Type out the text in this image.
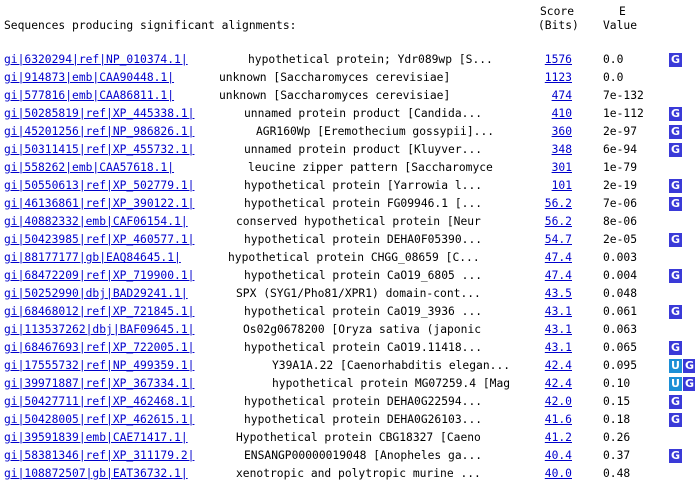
Sequences producing significant alignments:
Score
(Bits)
E
Value
gi|6320294|ref|NP_010374.1|	hypothetical protein; Ydr089wp [S...	1576	0.0	G
gi|914873|emb|CAA90448.1|	unknown [Saccharomyces cerevisiae]	1123	0.0
gi|577816|emb|CAA86811.1|	unknown [Saccharomyces cerevisiae]	474	7e-132
gi|50285819|ref|XP_445338.1|	unnamed protein product [Candida...	410	1e-112 G
gi|45201256|ref|NP_986826.1|	AGR160Wp [Eremothecium gossypii]...	360	2e-97	G
gi|50311415|ref|XP_455732.1|	unnamed protein product [Kluyver...	348	6e-94	G
gi|558262|emb|CAA57618.1|	leucine zipper pattern [Saccharomyce	301	1e-79
gi|50550613|ref|XP_502779.1|	hypothetical protein [Yarrowia l...	101	2e-19	G
gi|46136861|ref|XP_390122.1|	hypothetical protein FG09946.1 [...	56.2	7e-06	G
gi|40882332|emb|CAF06154.1|	conserved hypothetical protein [Neur	56.2	8e-06
gi|50423985|ref|XP_460577.1|	hypothetical protein DEHA0F05390...	54.7	2e-05	G
gi|88177177|gb|EAQ84645.1|	hypothetical protein CHGG_08659 [C...	47.4	0.003
gi|68472209|ref|XP_719900.1|	hypothetical protein CaO19_6805 ...	47.4	0.004	G
gi|50252990|dbj|BAD29241.1|	SPX (SYG1/Pho81/XPR1) domain-cont...	43.5	0.048
gi|68468012|ref|XP_721845.1|	hypothetical protein CaO19_3936 ...	43.1	0.061	G
gi|113537262|dbj|BAF09645.1|	Os02g0678200 [Oryza sativa (japonic	43.1	0.063
gi|68467693|ref|XP_722005.1|	hypothetical protein CaO19.11418...	43.1	0.065	G
gi|17555732|ref|NP_499359.1|	Y39A1A.22 [Caenorhabditis elegan...	42.4	0.095	U G
gi|39971887|ref|XP_367334.1|	hypothetical protein MG07259.4 [Mag	42.4	0.10	U G
gi|50427711|ref|XP_462468.1|	hypothetical protein DEHA0G22594...	42.0	0.15	G
gi|50428005|ref|XP_462615.1|	hypothetical protein DEHA0G26103...	41.6	0.18	G
gi|39591839|emb|CAE71417.1|	Hypothetical protein CBG18327 [Caeno	41.2	0.26
gi|58381346|ref|XP_311179.2|	ENSANGP00000019048 [Anopheles ga...	40.4	0.37	G
gi|108872507|gb|EAT36732.1|	xenotropic and polytropic murine ...	40.0	0.48
